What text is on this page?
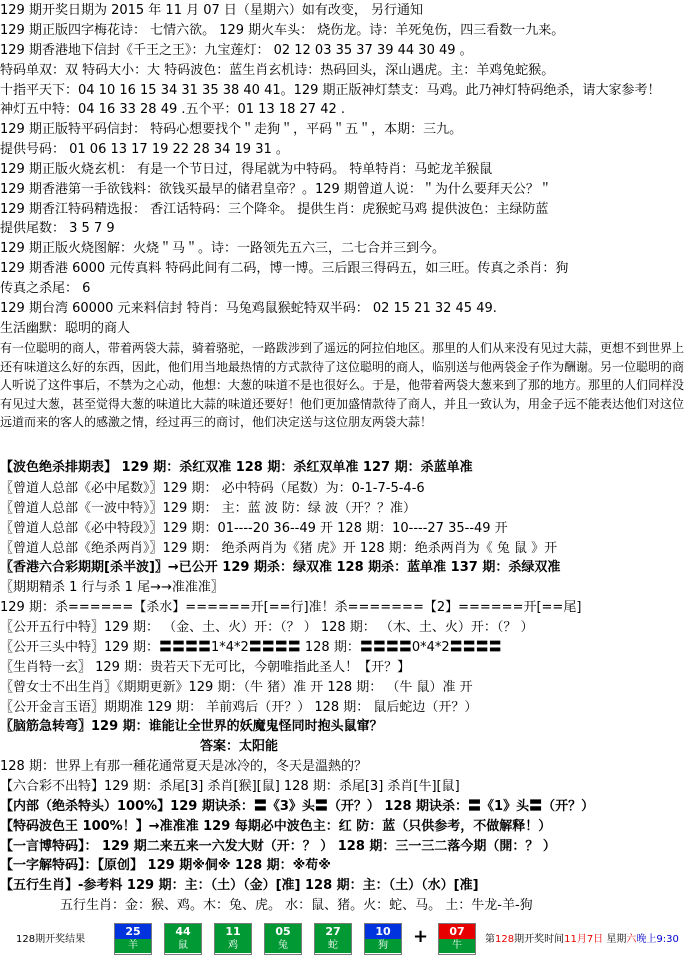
129 期开奖日期为 2015 年 11 月 07 日（星期六）如有改变， 另行通知
129 期正版四字梅花诗： 七情六欲。 129 期火车头： 烧伤龙。诗：羊死兔伤，四三看数一九来。
129 期香港地下信封《千王之王》：九宝莲灯： 02 12 03 35 37 39 44 30 49 。
特码单双：双 特码大小：大 特码波色：蓝生肖玄机诗：热码回头，深山遇虎。主：羊鸡兔蛇猴。
十指平天下：04 10 16 15 34 31 35 38 40 41。129 期正版神灯禁支：马鸡。此乃神灯特码绝杀，请大家参考！
神灯五中特：04 16 33 28 49 .五个平：01 13 18 27 42 .
129 期正版特平码信封： 特码心想要找个＂走狗＂，平码＂五＂，本期：三九。
提供号码： 01 06 13 17 19 22 28 34 19 31 。
129 期正版火烧玄机： 有是一个节日过，得尾就为中特码。 特单特肖：马蛇龙羊猴鼠
129 期香港第一手欲钱料：欲钱买最早的储君皇帝？。129 期曾道人说：＂为什么要拜天公？＂
129 期香江特码精选报： 香江话特码：三个降伞。 提供生肖：虎猴蛇马鸡 提供波色：主绿防蓝
提供尾数： 3 5 7 9
129 期正版火烧图解：火烧＂马＂。诗：一路领先五六三，二七合并三到今。
129 期香港 6000 元传真料 特码此间有二码，博一博。三后跟三得码五，如三旺。传真之杀肖：狗
传真之杀尾： 6
129 期台湾 60000 元来料信封 特肖：马兔鸡鼠猴蛇特双半码： 02 15 21 32 45 49.
生活幽默：聪明的商人
有一位聪明的商人，带着两袋大蒜，骑着骆驼，一路跋涉到了遥远的阿拉伯地区。那里的人们从来没有见过大蒜，更想不到世界上还有味道这么好的东西，因此，他们用当地最热情的方式款待了这位聪明的商人，临别送与他两袋金子作为酬谢。另一位聪明的商人听说了这件事后，不禁为之心动，他想：大葱的味道不是也很好么。于是，他带着两袋大葱来到了那的地方。那里的人们同样没有见过大葱，甚至觉得大葱的味道比大蒜的味道还要好！他们更加盛情款待了商人，并且一致认为，用金子远不能表达他们对这位远道而来的客人的感激之情，经过再三的商讨，他们决定送与这位朋友两袋大蒜！
【波色绝杀排期表】 129 期：杀红双准 128 期：杀红双单准 127 期：杀蓝单准
〖曾道人总部《必中尾数》〗129 期： 必中特码（尾数）为：0-1-7-5-4-6
〖曾道人总部《一波中特》〗129 期： 主：蓝 波 防：绿 波（开？？准）
〖曾道人总部《必中特段》〗129 期：01----20 36--49 开 128 期：10----27 35--49 开
〖曾道人总部《绝杀两肖》〗129 期： 绝杀两肖为《猪 虎》开 128 期：绝杀两肖为《 兔 鼠 》开
〖香港六合彩期期[杀半波]〗→已公开 129 期杀：绿双准 128 期杀：蓝单准 137 期：杀绿双准
〖期期精杀 1 行与杀 1 尾→→准准准〗
129 期：杀======【杀水】======开[==行]准！杀=======【2】======开[==尾]
〖公开五行中特〗129 期： （金、土、火）开：（？ ） 128 期： （木、土、火）开：（？ ）
〖公开三头中特〗129 期：〓〓〓〓1*4*2〓〓〓〓 128 期：〓〓〓〓0*4*2〓〓〓〓
〖生肖特一玄〗 129 期：贵若天下无可比，今朝唯指此圣人！【开？】
〖曾女士不出生肖〗《期期更新》129 期：（牛 猪）准 开 128 期： （牛 鼠）准 开
〖公开金言玉语〗期期准 129 期： 羊前鸡后（开？） 128 期： 鼠后蛇边（开？）
〖脑筋急转弯〗129 期：谁能让全世界的妖魔鬼怪同时抱头鼠窜？
答案：太阳能
128 期：世界上有那一種花通常夏天是冰冷的，冬天是溫熱的？
【六合彩不出特】129 期：杀尾[3] 杀肖[猴][鼠] 128 期：杀尾[3] 杀肖[牛][鼠]
【内部（绝杀特头）100%】129 期诀杀：〓《3》头〓（开？） 128 期诀杀：〓《1》头〓（开？）
【特码波色王 100%！】→准准准 129 每期必中波色主：红 防：蓝（只供参考，不做解释！）
【一言博特码】： 129 期二来五来一六发大财（开：？ ） 128 期：三一三二落今期（開：？ ）
【一字解特码】：【原创】 129 期※侗※ 128 期：※苟※
【五行生肖】-参考料 129 期：主：（土）（金）[准] 128 期：主：（土）（水）[准]
五行生肖：金：猴、鸡。木：兔、虎。 水：鼠、猪。火：蛇、马。 土：牛龙-羊-狗
128期开奖结果
25
羊
44
鼠
11
鸡
05
兔
27
蛇
10
狗	+	07
牛
第128期开奖时间11月7日 星期六晚上9:30
